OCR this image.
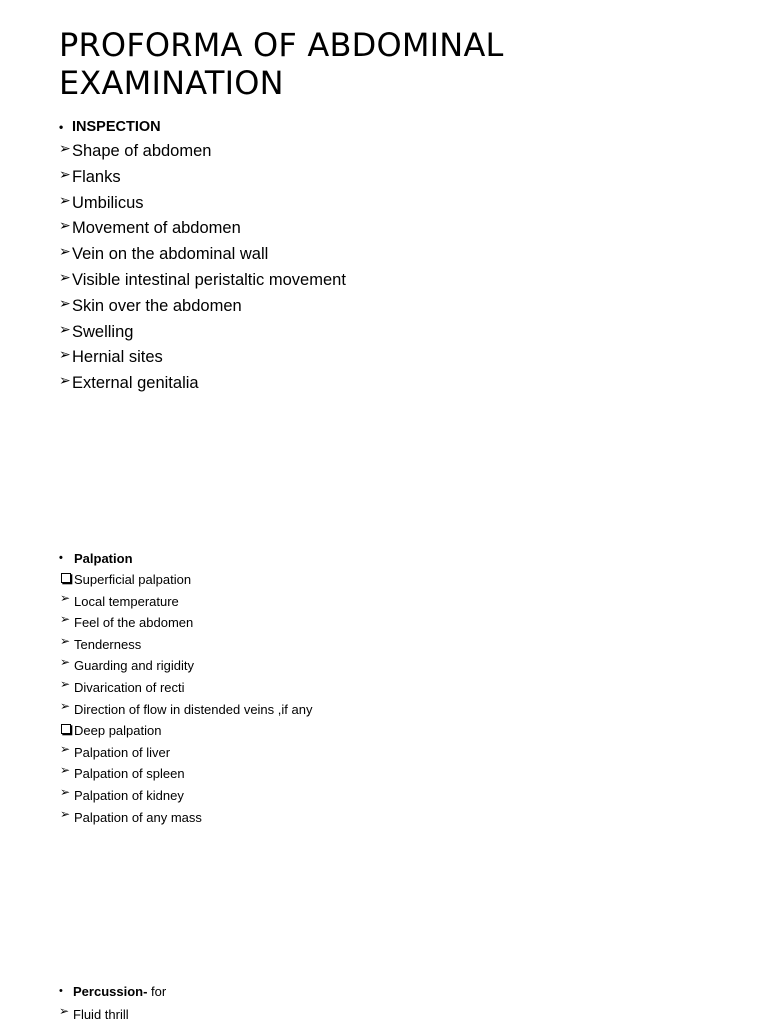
PROFORMA OF ABDOMINAL
EXAMINATION
• INSPECTION
➢ Shape of abdomen
➢ Flanks
➢ Umbilicus
➢ Movement of abdomen
➢ Vein on the abdominal wall
➢ Visible intestinal peristaltic movement
➢ Skin over the abdomen
➢ Swelling
➢ Hernial sites
➢ External genitalia
• Palpation
Superficial palpation
➢ Local temperature
➢ Feel of the abdomen
➢ Tenderness
➢ Guarding and rigidity
➢ Divarication of recti
➢ Direction of flow in distended veins ,if any
Deep palpation
➢ Palpation of liver
➢ Palpation of spleen
➢ Palpation of kidney
➢ Palpation of any mass
• Percussion- for
➢ Fluid thrill
